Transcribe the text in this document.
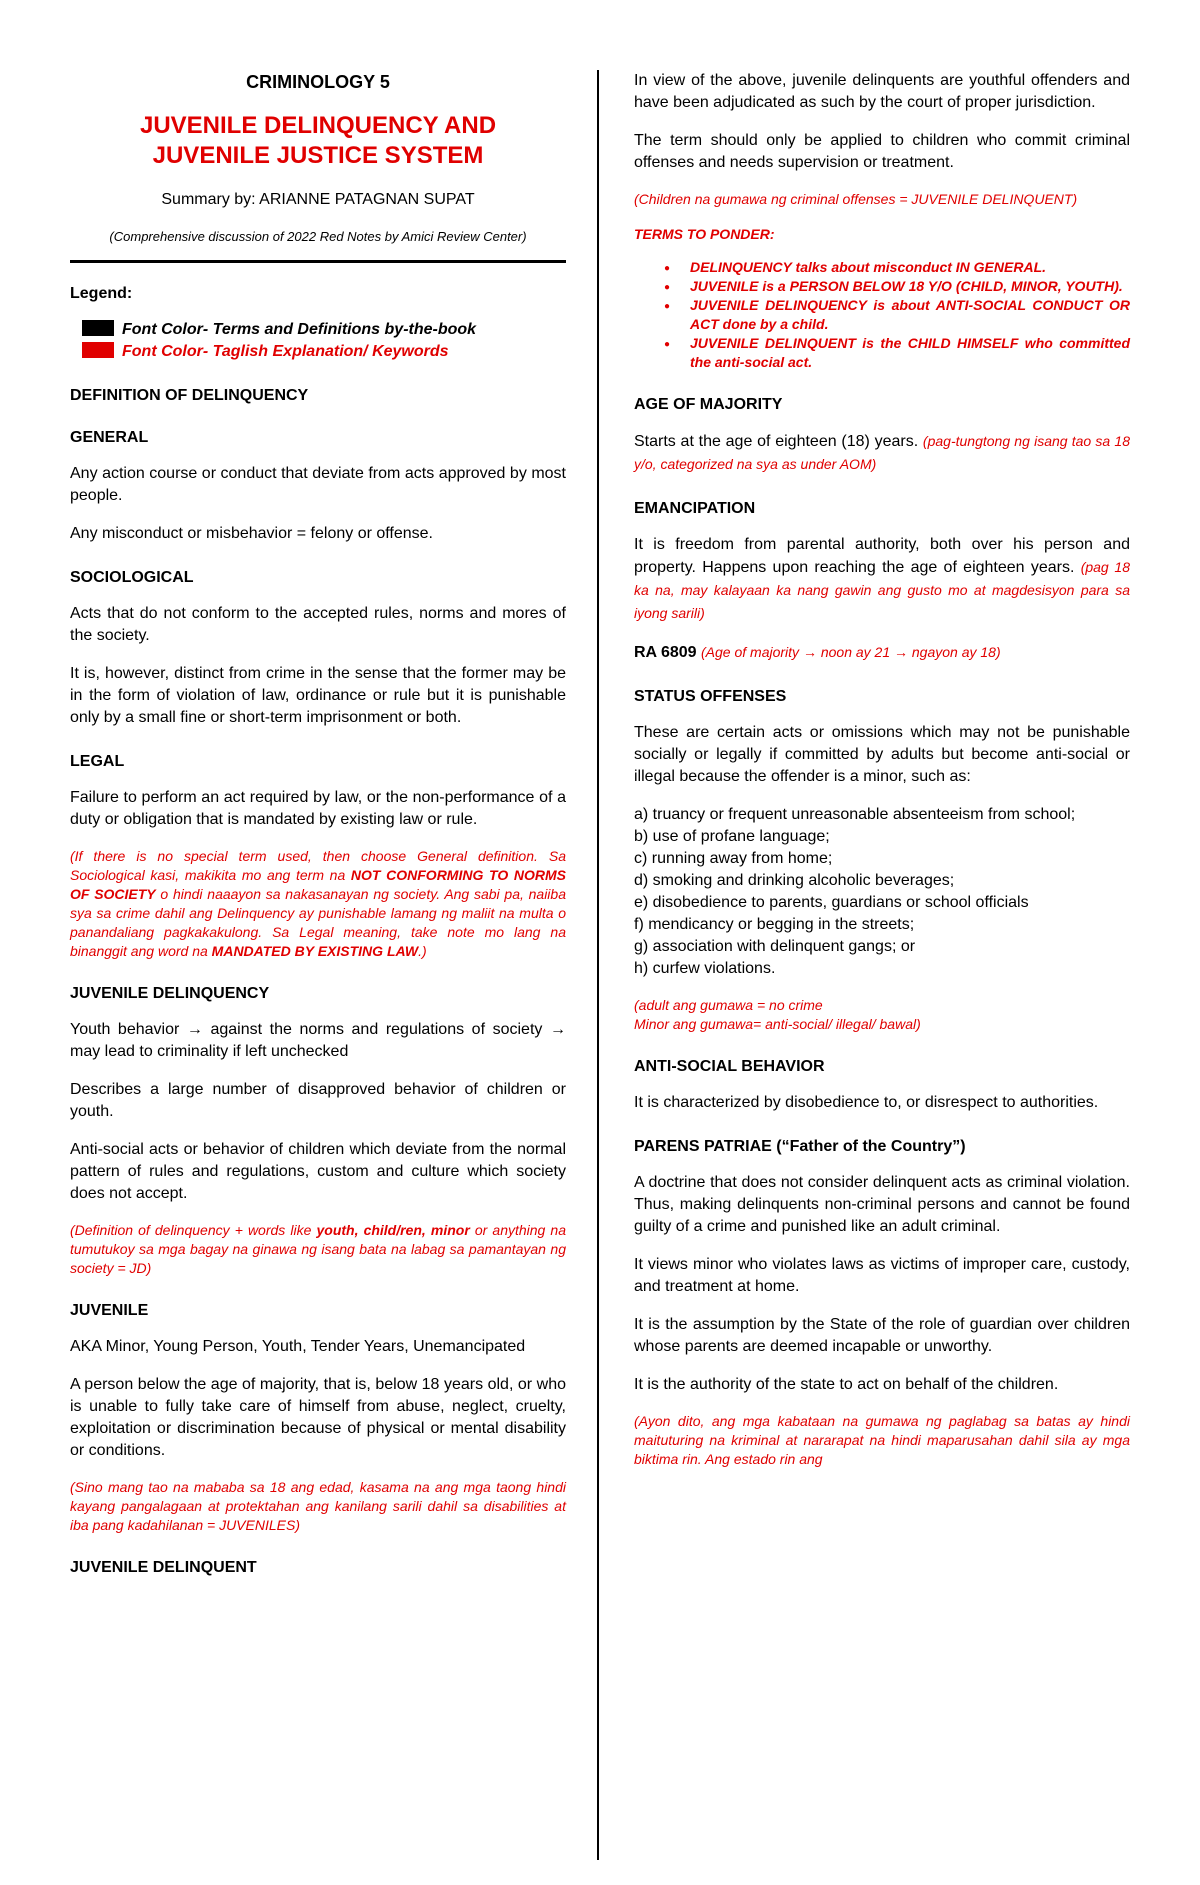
CRIMINOLOGY 5

JUVENILE DELINQUENCY AND
JUVENILE JUSTICE SYSTEM

Summary by: ARIANNE PATAGNAN SUPAT

(Comprehensive discussion of 2022 Red Notes by Amici Review Center)

Legend:

Font Color- Terms and Definitions by-the-book
Font Color- Taglish Explanation/ Keywords

DEFINITION OF DELINQUENCY

GENERAL

Any action course or conduct that deviate from acts approved by most people.

Any misconduct or misbehavior = felony or offense.

SOCIOLOGICAL

Acts that do not conform to the accepted rules, norms and mores of the society.

It is, however, distinct from crime in the sense that the former may be in the form of violation of law, ordinance or rule but it is punishable only by a small fine or short-term imprisonment or both.

LEGAL

Failure to perform an act required by law, or the non-performance of a duty or obligation that is mandated by existing law or rule.

(If there is no special term used, then choose General definition. Sa Sociological kasi, makikita mo ang term na NOT CONFORMING TO NORMS OF SOCIETY o hindi naaayon sa nakasanayan ng society. Ang sabi pa, naiiba sya sa crime dahil ang Delinquency ay punishable lamang ng maliit na multa o panandaliang pagkakakulong. Sa Legal meaning, take note mo lang na binanggit ang word na MANDATED BY EXISTING LAW.)

JUVENILE DELINQUENCY

Youth behavior → against the norms and regulations of society → may lead to criminality if left unchecked

Describes a large number of disapproved behavior of children or youth.

Anti-social acts or behavior of children which deviate from the normal pattern of rules and regulations, custom and culture which society does not accept.

(Definition of delinquency + words like youth, child/ren, minor or anything na tumutukoy sa mga bagay na ginawa ng isang bata na labag sa pamantayan ng society = JD)

JUVENILE

AKA Minor, Young Person, Youth, Tender Years, Unemancipated

A person below the age of majority, that is, below 18 years old, or who is unable to fully take care of himself from abuse, neglect, cruelty, exploitation or discrimination because of physical or mental disability or conditions.

(Sino mang tao na mababa sa 18 ang edad, kasama na ang mga taong hindi kayang pangalagaan at protektahan ang kanilang sarili dahil sa disabilities at iba pang kadahilanan = JUVENILES)

JUVENILE DELINQUENT

In view of the above, juvenile delinquents are youthful offenders and have been adjudicated as such by the court of proper jurisdiction.

The term should only be applied to children who commit criminal offenses and needs supervision or treatment.

(Children na gumawa ng criminal offenses = JUVENILE DELINQUENT)

TERMS TO PONDER:

● DELINQUENCY talks about misconduct IN GENERAL.
● JUVENILE is a PERSON BELOW 18 Y/O (CHILD, MINOR, YOUTH).
● JUVENILE DELINQUENCY is about ANTI-SOCIAL CONDUCT OR ACT done by a child.
● JUVENILE DELINQUENT is the CHILD HIMSELF who committed the anti-social act.

AGE OF MAJORITY

Starts at the age of eighteen (18) years. (pag-tungtong ng isang tao sa 18 y/o, categorized na sya as under AOM)

EMANCIPATION

It is freedom from parental authority, both over his person and property. Happens upon reaching the age of eighteen years. (pag 18 ka na, may kalayaan ka nang gawin ang gusto mo at magdesisyon para sa iyong sarili)

RA 6809 (Age of majority → noon ay 21 → ngayon ay 18)

STATUS OFFENSES

These are certain acts or omissions which may not be punishable socially or legally if committed by adults but become anti-social or illegal because the offender is a minor, such as:

a) truancy or frequent unreasonable absenteeism from school;
b) use of profane language;
c) running away from home;
d) smoking and drinking alcoholic beverages;
e) disobedience to parents, guardians or school officials
f) mendicancy or begging in the streets;
g) association with delinquent gangs; or
h) curfew violations.
(adult ang gumawa = no crime
Minor ang gumawa= anti-social/ illegal/ bawal)

ANTI-SOCIAL BEHAVIOR

It is characterized by disobedience to, or disrespect to authorities.

PARENS PATRIAE (“Father of the Country”)

A doctrine that does not consider delinquent acts as criminal violation. Thus, making delinquents non-criminal persons and cannot be found guilty of a crime and punished like an adult criminal.

It views minor who violates laws as victims of improper care, custody, and treatment at home.

It is the assumption by the State of the role of guardian over children whose parents are deemed incapable or unworthy.

It is the authority of the state to act on behalf of the children.

(Ayon dito, ang mga kabataan na gumawa ng paglabag sa batas ay hindi maituturing na kriminal at nararapat na hindi maparusahan dahil sila ay mga biktima rin. Ang estado rin ang
